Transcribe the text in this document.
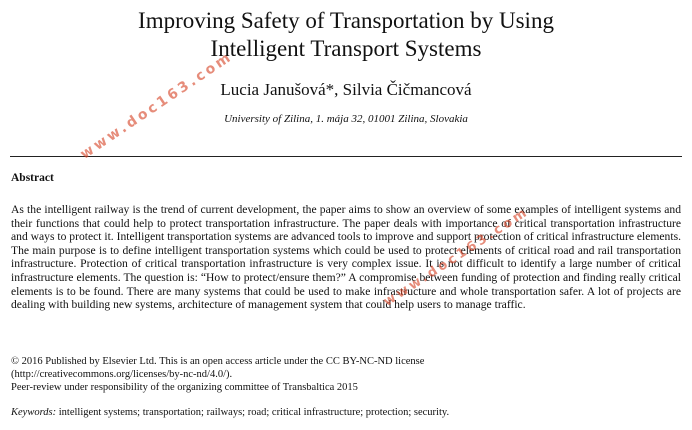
Improving Safety of Transportation by Using
Intelligent Transport Systems
Lucia Janušová*, Silvia Čičmancová
University of Zilina, 1. mája 32, 01001 Zilina, Slovakia
Abstract

As the intelligent railway is the trend of current development, the paper aims to show an overview of some examples of intelligent systems and their functions that could help to protect transportation infrastructure. The paper deals with importance of critical transportation infrastructure and ways to protect it. Intelligent transportation systems are advanced tools to improve and support protection of critical infrastructure elements. The main purpose is to define intelligent transportation systems which could be used to protect elements of critical road and rail transportation infrastructure. Protection of critical transportation infrastructure is very complex issue. It is not difficult to identify a large number of critical infrastructure elements. The question is: “How to protect/ensure them?” A compromise between funding of protection and finding really critical elements is to be found. There are many systems that could be used to make infrastructure and whole transportation safer. A lot of projects are dealing with building new systems, architecture of management system that could help users to manage traffic.

© 2016 Published by Elsevier Ltd. This is an open access article under the CC BY-NC-ND license
(http://creativecommons.org/licenses/by-nc-nd/4.0/).
Peer-review under responsibility of the organizing committee of Transbaltica 2015
Keywords: intelligent systems; transportation; railways; road; critical infrastructure; protection; security.
www.doc163.com
www.doc163.com
